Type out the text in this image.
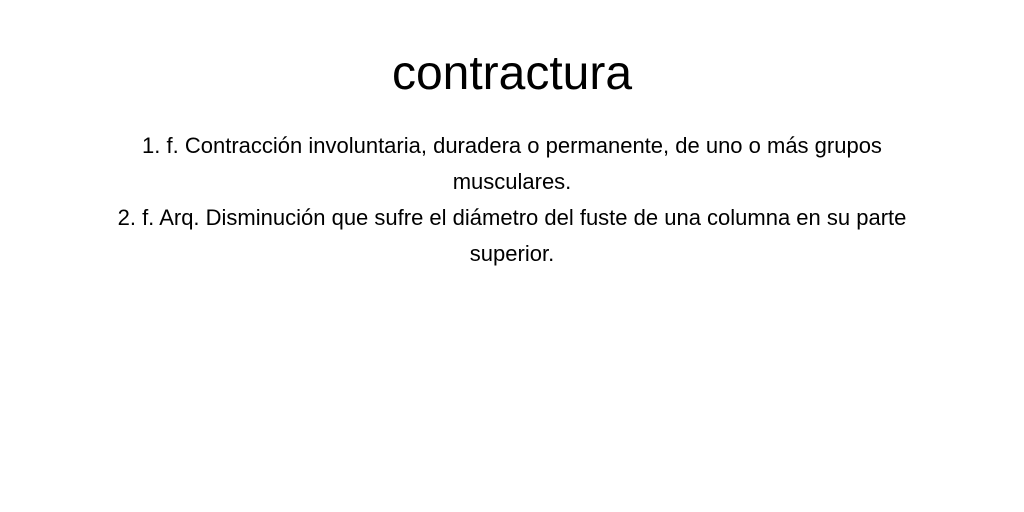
contractura
1. f. Contracción involuntaria, duradera o permanente, de uno o más grupos musculares.
2. f. Arq. Disminución que sufre el diámetro del fuste de una columna en su parte superior.
